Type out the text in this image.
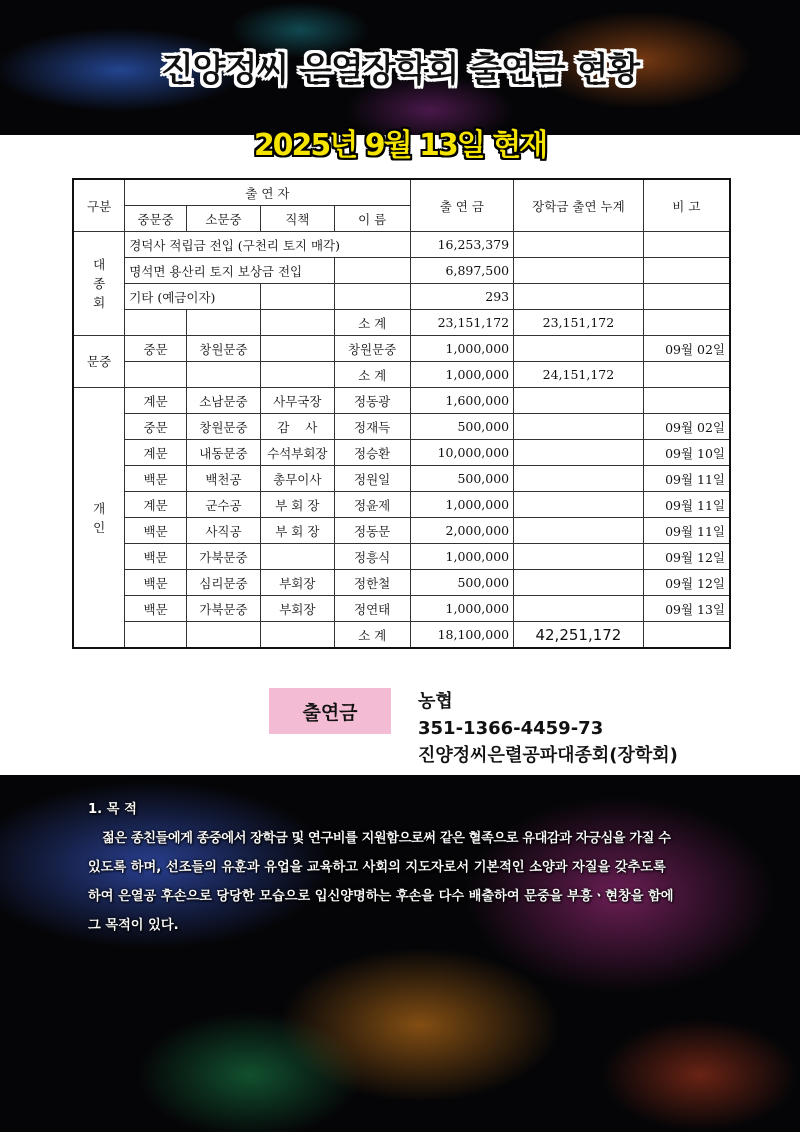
진양정씨 은열장학회 출연금 현황
2025년 9월 13일 현재
구분	출 연 자				출 연 금	장학금 출연 누계	비 고
	중문중	소문중	직책	이 름			
대
종
회	경덕사 적립금 전입 (구천리 토지 매각)				16,253,379		
	명석면 용산리 토지 보상금 전입				6,897,500		
	기타 (예금이자)				293		
				소 계	23,151,172	23,151,172	
문중	중문	창원문중		창원문중	1,000,000		09월 02일
				소 계	1,000,000	24,151,172	
개
인	계문	소남문중	사무국장	정동광	1,600,000		
	중문	창원문중	감    사	정재득	500,000		09월 02일
	계문	내동문중	수석부회장	정승환	10,000,000		09월 10일
	백문	백천공	총무이사	정원일	500,000		09월 11일
	계문	군수공	부 회 장	정윤제	1,000,000		09월 11일
	백문	사직공	부 회 장	정동문	2,000,000		09월 11일
	백문	가북문중		정흥식	1,000,000		09월 12일
	백문	심리문중	부회장	정한철	500,000		09월 12일
	백문	가북문중	부회장	정연태	1,000,000		09월 13일
				소 계	18,100,000	42,251,172	
출연금	농협
351-1366-4459-73
진양정씨은렬공파대종회(장학회)
1. 목 적
젊은 종친들에게 종중에서 장학금 및 연구비를 지원함으로써 같은 혈족으로 유대감과 자긍심을 가질 수
있도록 하며, 선조들의 유훈과 유업을 교육하고 사회의 지도자로서 기본적인 소양과 자질을 갖추도록
하여 은열공 후손으로 당당한 모습으로 입신양명하는 후손을 다수 배출하여 문중을 부흥ㆍ현창을 함에
그 목적이 있다.
